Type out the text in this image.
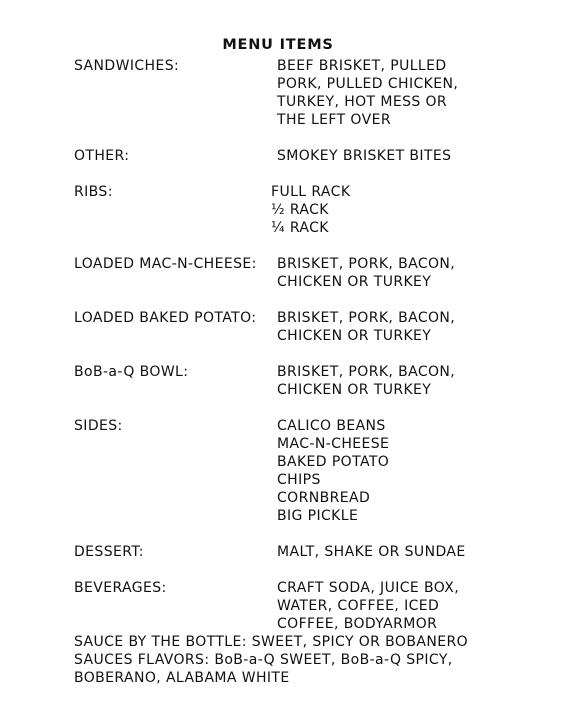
MENU ITEMS
SANDWICHES:	BEEF BRISKET, PULLED
PORK, PULLED CHICKEN,
TURKEY, HOT MESS OR
THE LEFT OVER
OTHER:	SMOKEY BRISKET BITES
RIBS:	FULL RACK
½ RACK
¼ RACK
LOADED MAC-N-CHEESE: BRISKET, PORK, BACON,
CHICKEN OR TURKEY
LOADED BAKED POTATO: BRISKET, PORK, BACON,
CHICKEN OR TURKEY
BoB-a-Q BOWL:	BRISKET, PORK, BACON,
CHICKEN OR TURKEY
SIDES:	CALICO BEANS
MAC-N-CHEESE
BAKED POTATO
CHIPS
CORNBREAD
BIG PICKLE
DESSERT:	MALT, SHAKE OR SUNDAE
BEVERAGES:	CRAFT SODA, JUICE BOX,
WATER, COFFEE, ICED
COFFEE, BODYARMOR
SAUCE BY THE BOTTLE: SWEET, SPICY OR BOBANERO
SAUCES FLAVORS: BoB-a-Q SWEET, BoB-a-Q SPICY,
BOBERANO, ALABAMA WHITE
